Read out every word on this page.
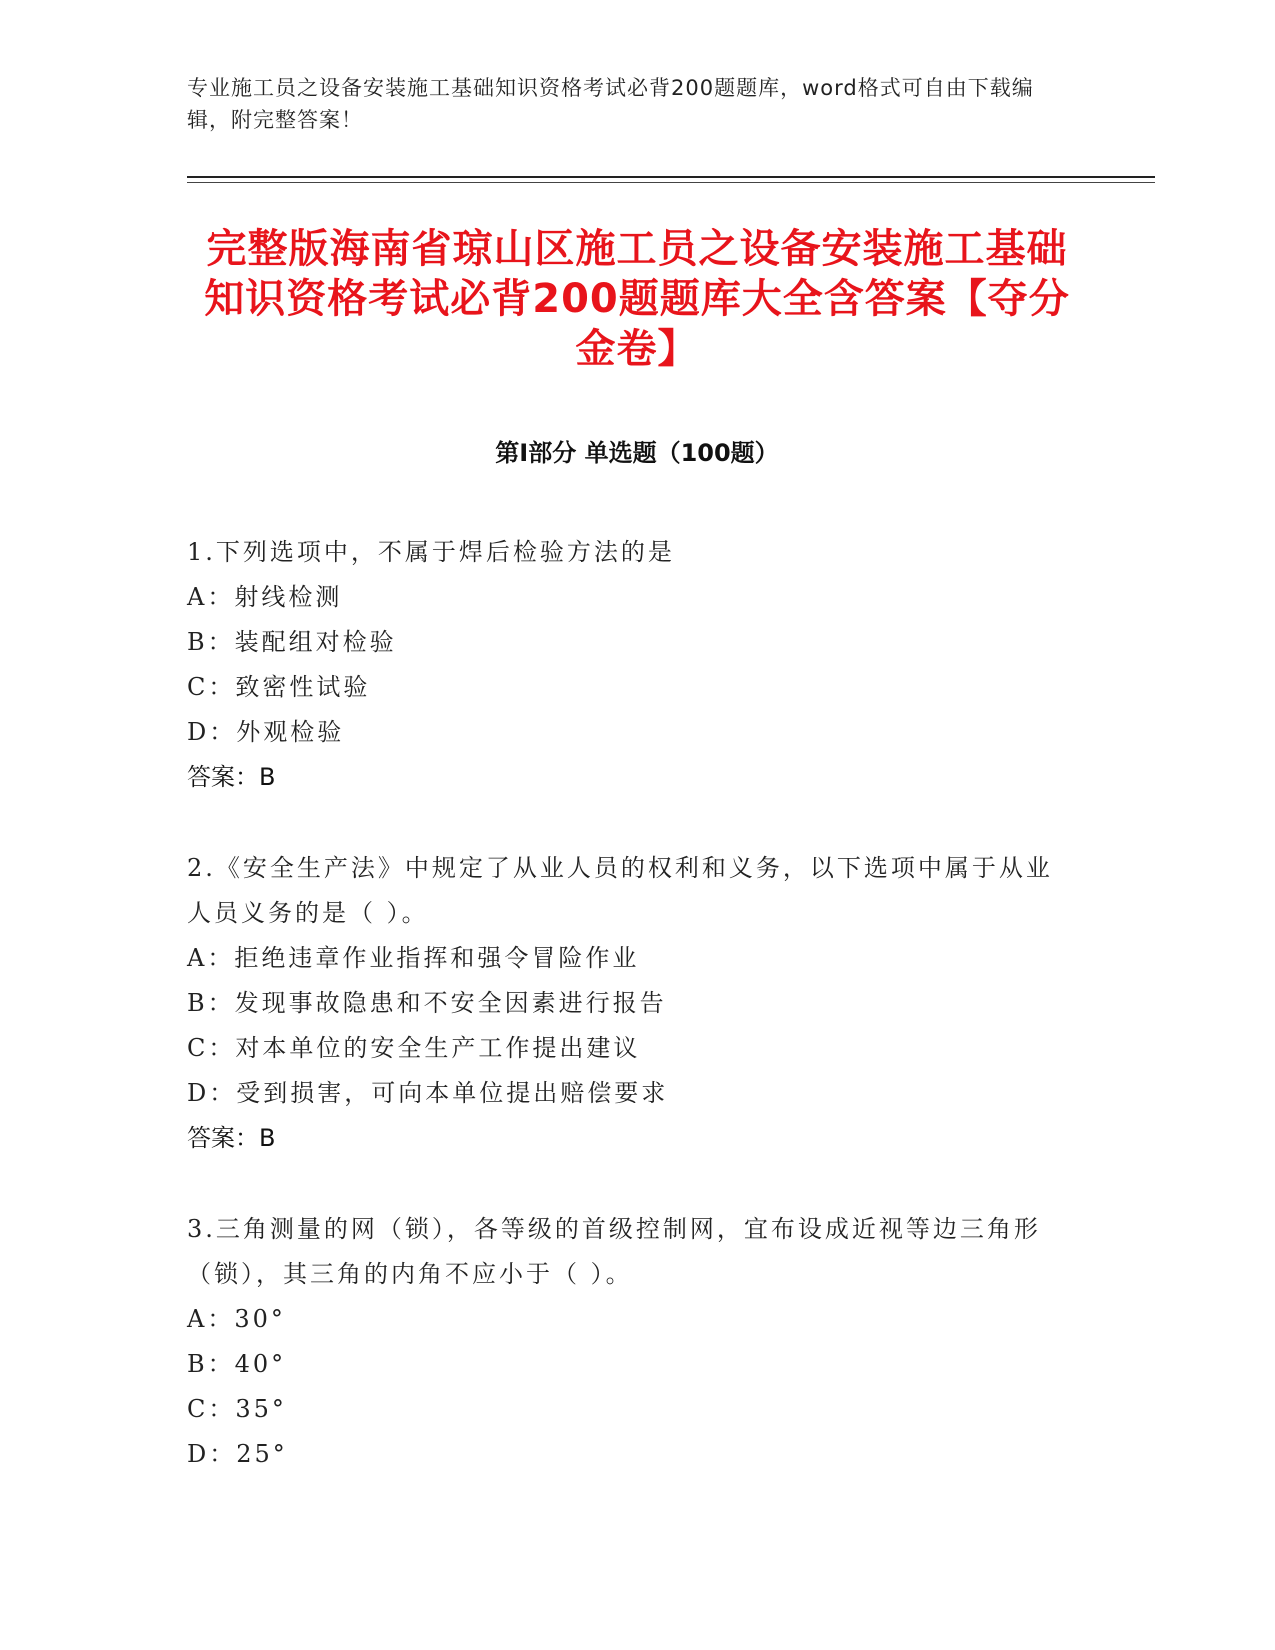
专业施工员之设备安装施工基础知识资格考试必背200题题库，word格式可自由下载编辑，附完整答案！
完整版海南省琼山区施工员之设备安装施工基础知识资格考试必背200题题库大全含答案【夺分金卷】
第Ⅰ部分 单选题（100题）
1.下列选项中，不属于焊后检验方法的是
A：射线检测
B：装配组对检验
C：致密性试验
D：外观检验
答案：B
2.《安全生产法》中规定了从业人员的权利和义务，以下选项中属于从业人员义务的是（ ）。
A：拒绝违章作业指挥和强令冒险作业
B：发现事故隐患和不安全因素进行报告
C：对本单位的安全生产工作提出建议
D：受到损害，可向本单位提出赔偿要求
答案：B
3.三角测量的网（锁），各等级的首级控制网，宜布设成近视等边三角形（锁），其三角的内角不应小于（ ）。
A：30°
B：40°
C：35°
D：25°
